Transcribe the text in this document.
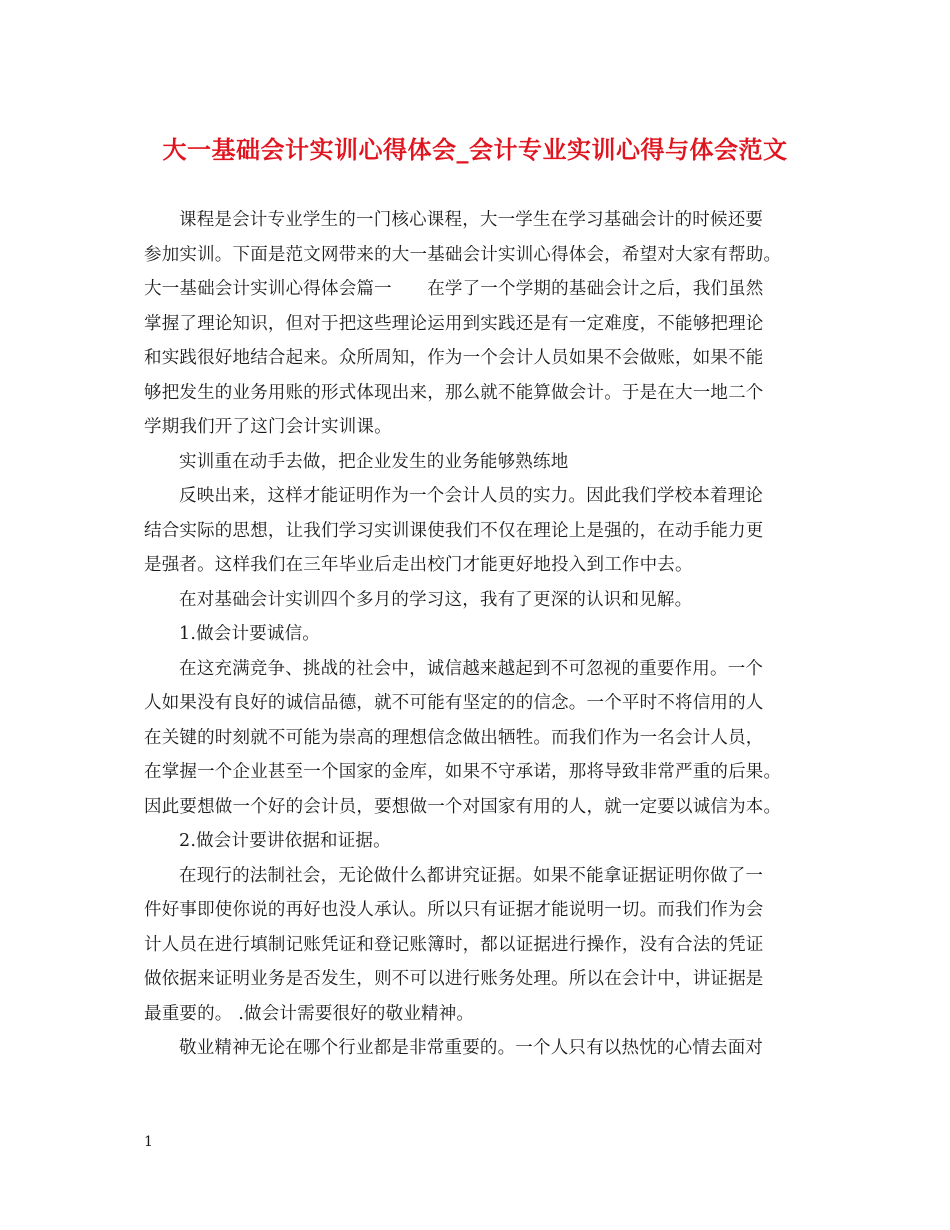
大一基础会计实训心得体会_会计专业实训心得与体会范文
课程是会计专业学生的一门核心课程，大一学生在学习基础会计的时候还要
参加实训。下面是范文网带来的大一基础会计实训心得体会，希望对大家有帮助。
大一基础会计实训心得体会篇一　　在学了一个学期的基础会计之后，我们虽然
掌握了理论知识，但对于把这些理论运用到实践还是有一定难度，不能够把理论
和实践很好地结合起来。众所周知，作为一个会计人员如果不会做账，如果不能
够把发生的业务用账的形式体现出来，那么就不能算做会计。于是在大一地二个
学期我们开了这门会计实训课。
实训重在动手去做，把企业发生的业务能够熟练地
反映出来，这样才能证明作为一个会计人员的实力。因此我们学校本着理论
结合实际的思想，让我们学习实训课使我们不仅在理论上是强的，在动手能力更
是强者。这样我们在三年毕业后走出校门才能更好地投入到工作中去。
在对基础会计实训四个多月的学习这，我有了更深的认识和见解。
1.做会计要诚信。
在这充满竞争、挑战的社会中，诚信越来越起到不可忽视的重要作用。一个
人如果没有良好的诚信品德，就不可能有坚定的的信念。一个平时不将信用的人
在关键的时刻就不可能为崇高的理想信念做出牺牲。而我们作为一名会计人员，
在掌握一个企业甚至一个国家的金库，如果不守承诺，那将导致非常严重的后果。
因此要想做一个好的会计员，要想做一个对国家有用的人，就一定要以诚信为本。
2.做会计要讲依据和证据。
在现行的法制社会，无论做什么都讲究证据。如果不能拿证据证明你做了一
件好事即使你说的再好也没人承认。所以只有证据才能说明一切。而我们作为会
计人员在进行填制记账凭证和登记账簿时，都以证据进行操作，没有合法的凭证
做依据来证明业务是否发生，则不可以进行账务处理。所以在会计中，讲证据是
最重要的。 .做会计需要很好的敬业精神。
敬业精神无论在哪个行业都是非常重要的。一个人只有以热忱的心情去面对
1
